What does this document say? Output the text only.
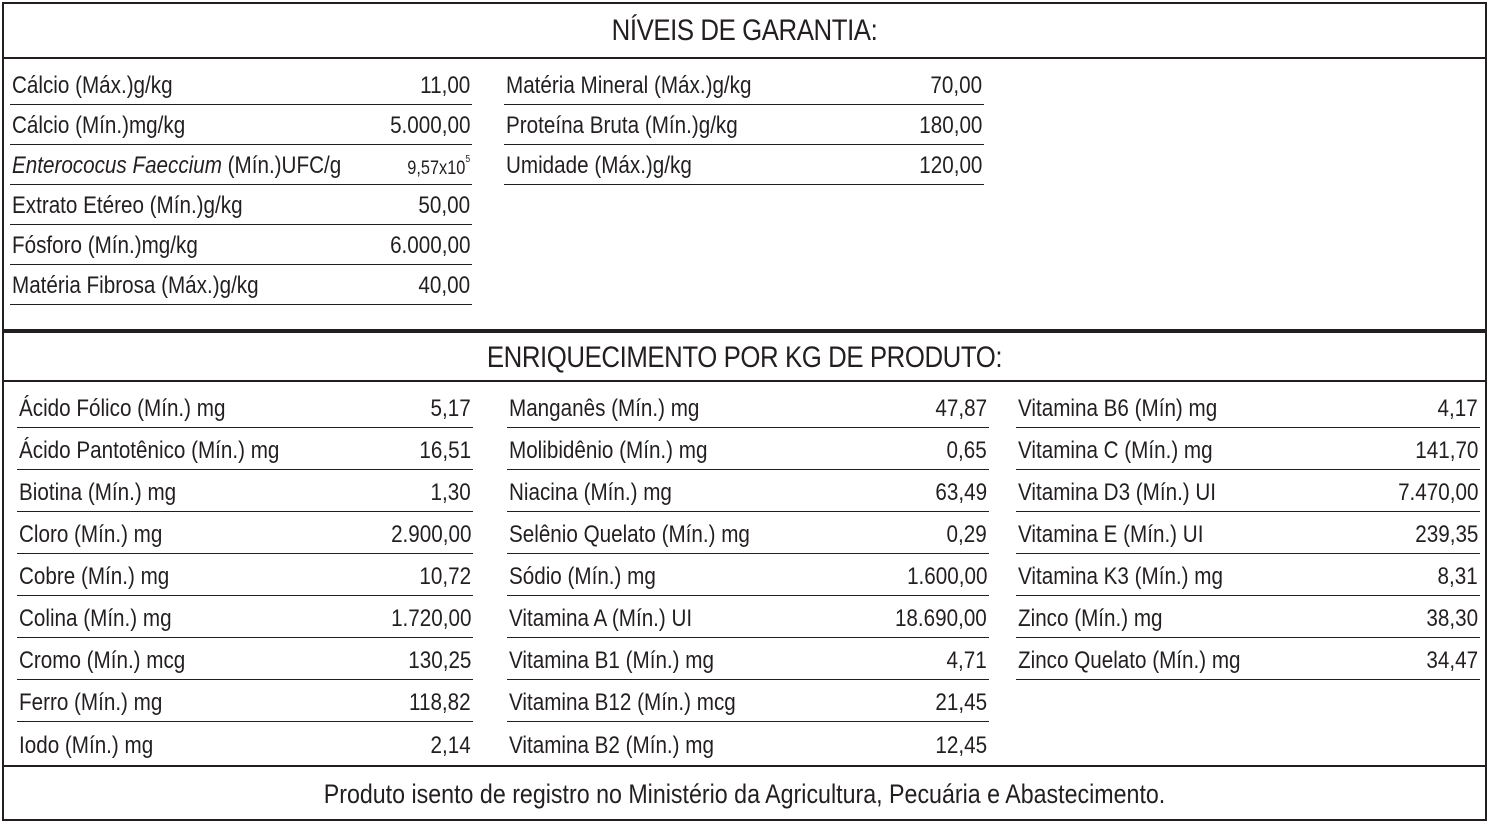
NÍVEIS DE GARANTIA:
Cálcio (Máx.)g/kg	11,00
Cálcio (Mín.)mg/kg	5.000,00
Enterococus Faeccium (Mín.)UFC/g	$9,57x10^5$
Extrato Etéreo (Mín.)g/kg	50,00
Fósforo (Mín.)mg/kg	6.000,00
Matéria Fibrosa (Máx.)g/kg	40,00
Matéria Mineral (Máx.)g/kg	70,00
Proteína Bruta (Mín.)g/kg	180,00
Umidade (Máx.)g/kg	120,00
ENRIQUECIMENTO POR KG DE PRODUTO:
Ácido Fólico (Mín.) mg	5,17
Ácido Pantotênico (Mín.) mg	16,51
Biotina (Mín.) mg	1,30
Cloro (Mín.) mg	2.900,00
Cobre (Mín.) mg	10,72
Colina (Mín.) mg	1.720,00
Cromo (Mín.) mcg	130,25
Ferro (Mín.) mg	118,82
Iodo (Mín.) mg	2,14
Manganês (Mín.) mg	47,87
Molibidênio (Mín.) mg	0,65
Niacina (Mín.) mg	63,49
Selênio Quelato (Mín.) mg	0,29
Sódio (Mín.) mg	1.600,00
Vitamina A (Mín.) UI	18.690,00
Vitamina B1 (Mín.) mg	4,71
Vitamina B12 (Mín.) mcg	21,45
Vitamina B2 (Mín.) mg	12,45
Vitamina B6 (Mín) mg	4,17
Vitamina C (Mín.) mg	141,70
Vitamina D3 (Mín.) UI	7.470,00
Vitamina E (Mín.) UI	239,35
Vitamina K3 (Mín.) mg	8,31
Zinco (Mín.) mg	38,30
Zinco Quelato (Mín.) mg	34,47
Produto isento de registro no Ministério da Agricultura, Pecuária e Abastecimento.
